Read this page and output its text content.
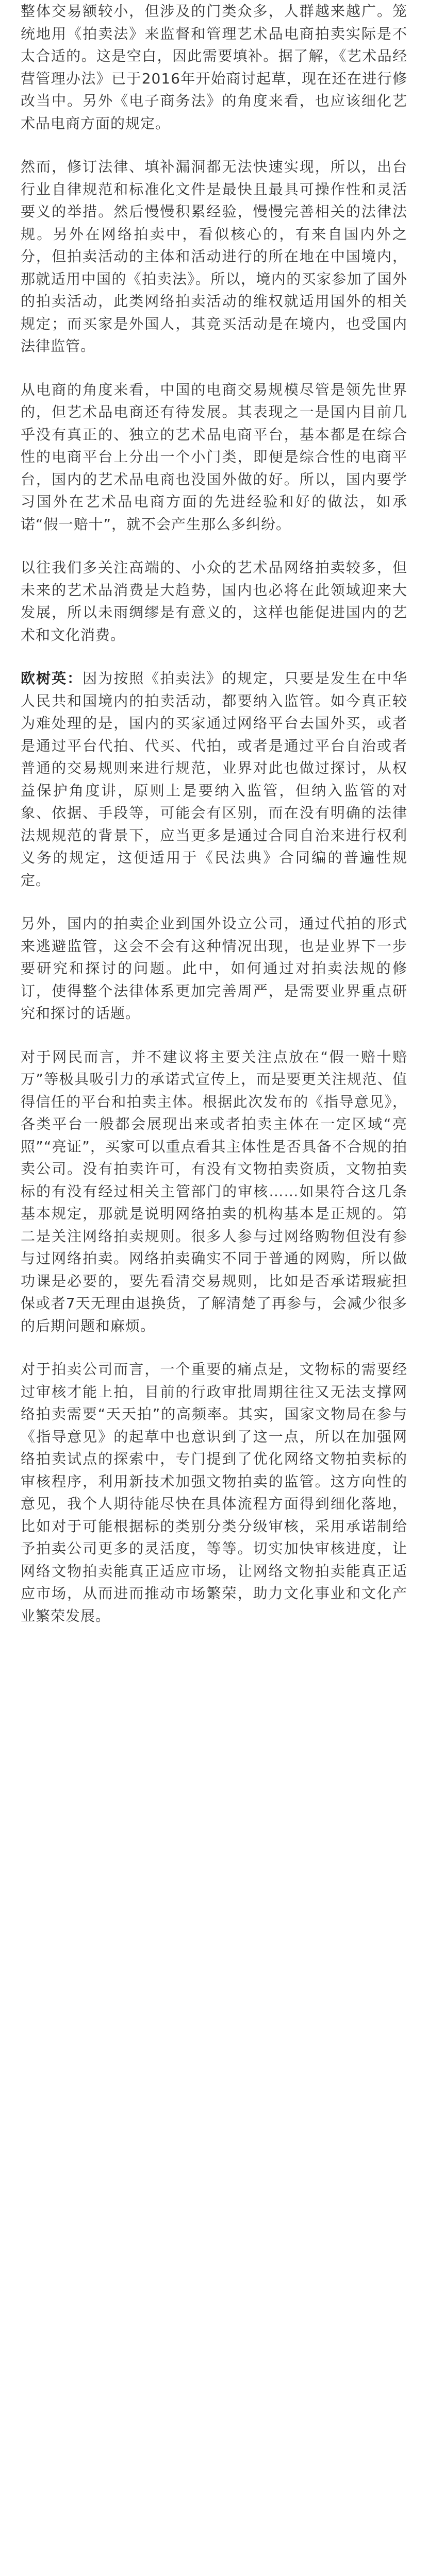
整体交易额较小，但涉及的门类众多，人群越来越广。笼统地用《拍卖法》来监督和管理艺术品电商拍卖实际是不太合适的。这是空白，因此需要填补。据了解，《艺术品经营管理办法》已于2016年开始商讨起草，现在还在进行修改当中。另外《电子商务法》的角度来看，也应该细化艺术品电商方面的规定。

然而，修订法律、填补漏洞都无法快速实现，所以，出台行业自律规范和标准化文件是最快且最具可操作性和灵活要义的举措。然后慢慢积累经验，慢慢完善相关的法律法规。另外在网络拍卖中，看似核心的，有来自国内外之分，但拍卖活动的主体和活动进行的所在地在中国境内，那就适用中国的《拍卖法》。所以，境内的买家参加了国外的拍卖活动，此类网络拍卖活动的维权就适用国外的相关规定；而买家是外国人，其竞买活动是在境内，也受国内法律监管。

从电商的角度来看，中国的电商交易规模尽管是领先世界的，但艺术品电商还有待发展。其表现之一是国内目前几乎没有真正的、独立的艺术品电商平台，基本都是在综合性的电商平台上分出一个小门类，即便是综合性的电商平台，国内的艺术品电商也没国外做的好。所以，国内要学习国外在艺术品电商方面的先进经验和好的做法，如承诺“假一赔十”，就不会产生那么多纠纷。

以往我们多关注高端的、小众的艺术品网络拍卖较多，但未来的艺术品消费是大趋势，国内也必将在此领域迎来大发展，所以未雨绸缪是有意义的，这样也能促进国内的艺术和文化消费。

欧树英：因为按照《拍卖法》的规定，只要是发生在中华人民共和国境内的拍卖活动，都要纳入监管。如今真正较为难处理的是，国内的买家通过网络平台去国外买，或者是通过平台代拍、代买、代拍，或者是通过平台自治或者普通的交易规则来进行规范，业界对此也做过探讨，从权益保护角度讲，原则上是要纳入监管，但纳入监管的对象、依据、手段等，可能会有区别，而在没有明确的法律法规规范的背景下，应当更多是通过合同自治来进行权利义务的规定，这便适用于《民法典》合同编的普遍性规定。

另外，国内的拍卖企业到国外设立公司，通过代拍的形式来逃避监管，这会不会有这种情况出现，也是业界下一步要研究和探讨的问题。此中，如何通过对拍卖法规的修订，使得整个法律体系更加完善周严，是需要业界重点研究和探讨的话题。

对于网民而言，并不建议将主要关注点放在“假一赔十赔万”等极具吸引力的承诺式宣传上，而是要更关注规范、值得信任的平台和拍卖主体。根据此次发布的《指导意见》，各类平台一般都会展现出来或者拍卖主体在一定区域“亮照”“亮证”，买家可以重点看其主体性是否具备不合规的拍卖公司。没有拍卖许可，有没有文物拍卖资质，文物拍卖标的有没有经过相关主管部门的审核……如果符合这几条基本规定，那就是说明网络拍卖的机构基本是正规的。第二是关注网络拍卖规则。很多人参与过网络购物但没有参与过网络拍卖。网络拍卖确实不同于普通的网购，所以做功课是必要的，要先看清交易规则，比如是否承诺瑕疵担保或者7天无理由退换货，了解清楚了再参与，会减少很多的后期问题和麻烦。

对于拍卖公司而言，一个重要的痛点是，文物标的需要经过审核才能上拍，目前的行政审批周期往往又无法支撑网络拍卖需要“天天拍”的高频率。其实，国家文物局在参与《指导意见》的起草中也意识到了这一点，所以在加强网络拍卖试点的探索中，专门提到了优化网络文物拍卖标的审核程序，利用新技术加强文物拍卖的监管。这方向性的意见，我个人期待能尽快在具体流程方面得到细化落地，比如对于可能根据标的类别分类分级审核，采用承诺制给予拍卖公司更多的灵活度，等等。切实加快审核进度，让网络文物拍卖能真正适应市场，让网络文物拍卖能真正适应市场，从而进而推动市场繁荣，助力文化事业和文化产业繁荣发展。
